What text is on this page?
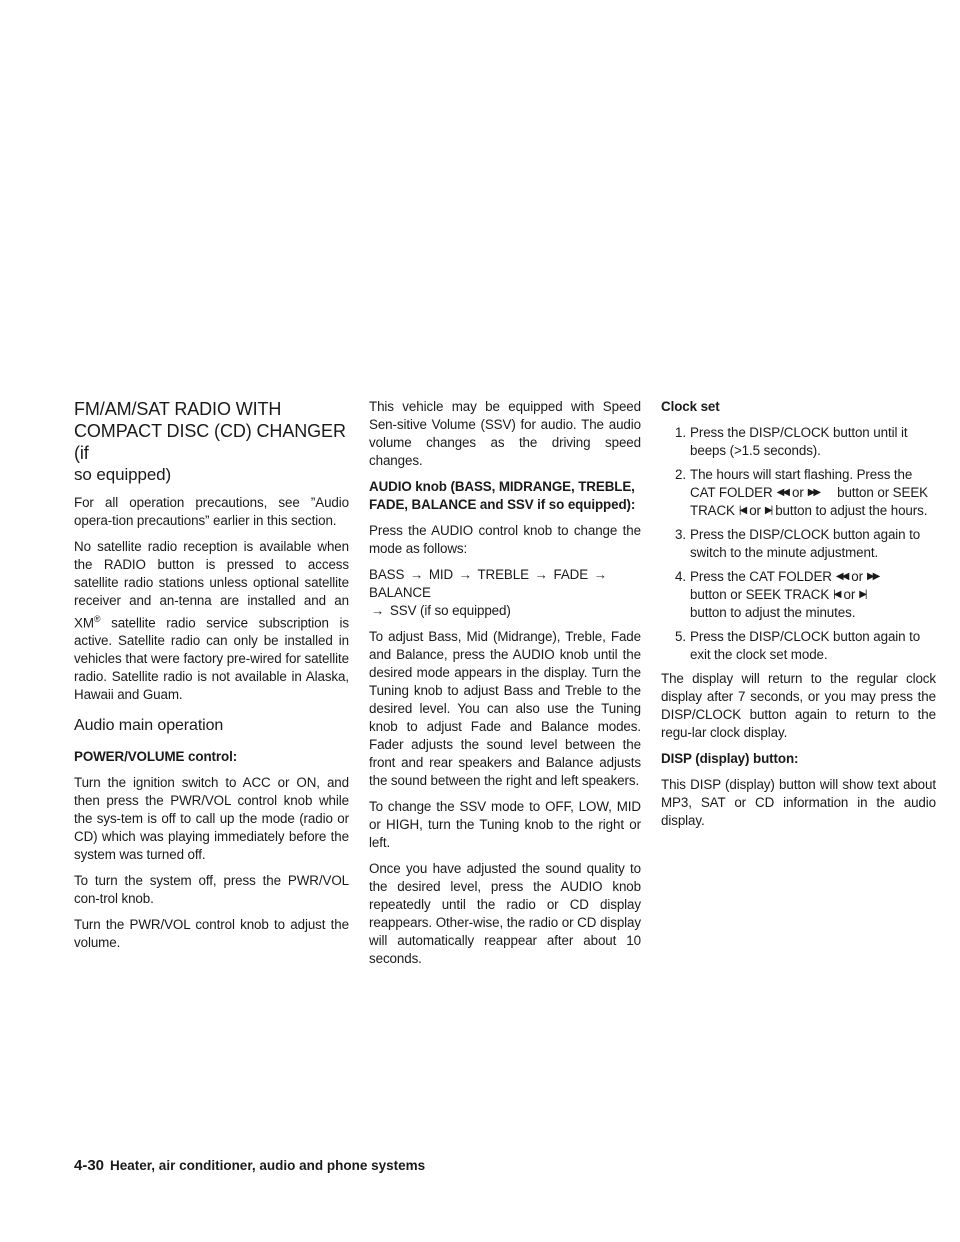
FM/AM/SAT RADIO WITH
COMPACT DISC (CD) CHANGER (if
so equipped)

For all operation precautions, see ”Audio opera-tion precautions” earlier in this section.

No satellite radio reception is available when the RADIO button is pressed to access satellite radio stations unless optional satellite receiver and an-tenna are installed and an XM® satellite radio service subscription is active. Satellite radio can only be installed in vehicles that were factory pre-wired for satellite radio. Satellite radio is not available in Alaska, Hawaii and Guam.

Audio main operation

POWER/VOLUME control:

Turn the ignition switch to ACC or ON, and then press the PWR/VOL control knob while the sys-tem is off to call up the mode (radio or CD) which was playing immediately before the system was turned off.

To turn the system off, press the PWR/VOL con-trol knob.

Turn the PWR/VOL control knob to adjust the volume.

This vehicle may be equipped with Speed Sen-sitive Volume (SSV) for audio. The audio volume changes as the driving speed changes.

AUDIO knob (BASS, MIDRANGE, TREBLE, FADE, BALANCE and SSV if so equipped):

Press the AUDIO control knob to change the mode as follows:

BASS → MID → TREBLE → FADE → BALANCE
→ SSV (if so equipped)

To adjust Bass, Mid (Midrange), Treble, Fade and Balance, press the AUDIO knob until the desired mode appears in the display. Turn the Tuning knob to adjust Bass and Treble to the desired level. You can also use the Tuning knob to adjust Fade and Balance modes. Fader adjusts the sound level between the front and rear speakers and Balance adjusts the sound between the right and left speakers.

To change the SSV mode to OFF, LOW, MID or HIGH, turn the Tuning knob to the right or left.

Once you have adjusted the sound quality to the desired level, press the AUDIO knob repeatedly until the radio or CD display reappears. Other-wise, the radio or CD display will automatically reappear after about 10 seconds.

Clock set

1. Press the DISP/CLOCK button until it beeps (>1.5 seconds).
2. The hours will start flashing. Press the CAT FOLDER ◀◀ or ▶▶ button or SEEK TRACK |◀ or ▶| button to adjust the hours.
3. Press the DISP/CLOCK button again to switch to the minute adjustment.
4. Press the CAT FOLDER ◀◀ or ▶▶
button or SEEK TRACK |◀ or ▶|
button to adjust the minutes.
5. Press the DISP/CLOCK button again to exit the clock set mode.

The display will return to the regular clock display after 7 seconds, or you may press the DISP/CLOCK button again to return to the regu-lar clock display.

DISP (display) button:

This DISP (display) button will show text about MP3, SAT or CD information in the audio display.

4-30 Heater, air conditioner, audio and phone systems
